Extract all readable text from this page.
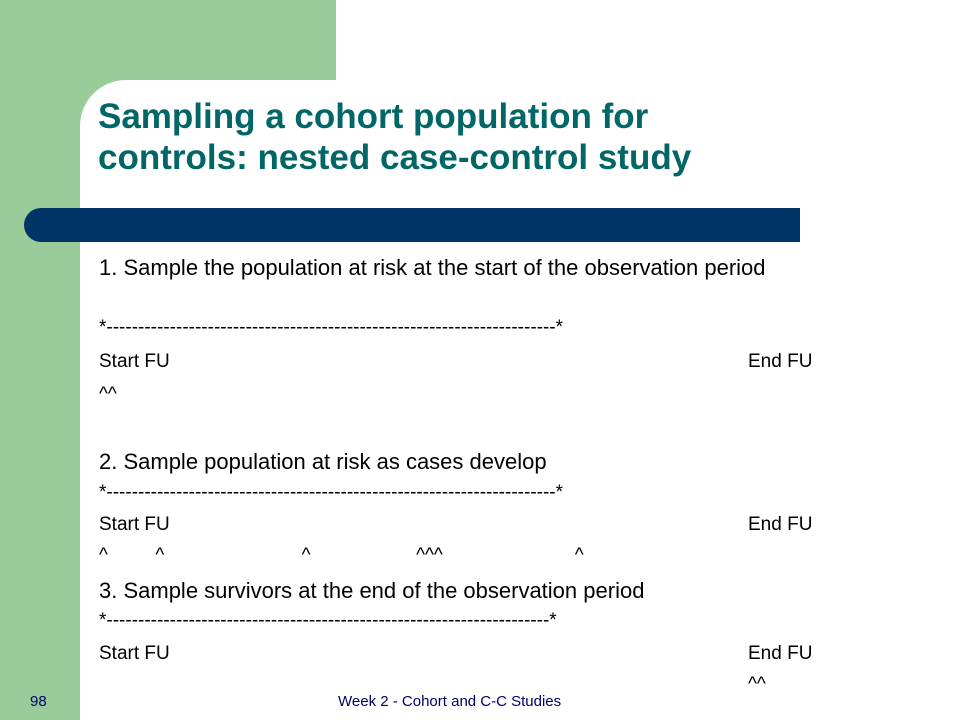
Sampling a cohort population for
controls: nested case-control study

1. Sample the population at risk at the start of the observation period

*-----------------------------------------------------------------------*

Start FU	End FU

^^

2. Sample population at risk as cases develop

*-----------------------------------------------------------------------*

Start FU	End FU

^         ^                          ^                    ^^^                         ^

3. Sample survivors at the end of the observation period

*----------------------------------------------------------------------*

Start FU	End FU
^^
98	Week 2 - Cohort and C-C Studies
